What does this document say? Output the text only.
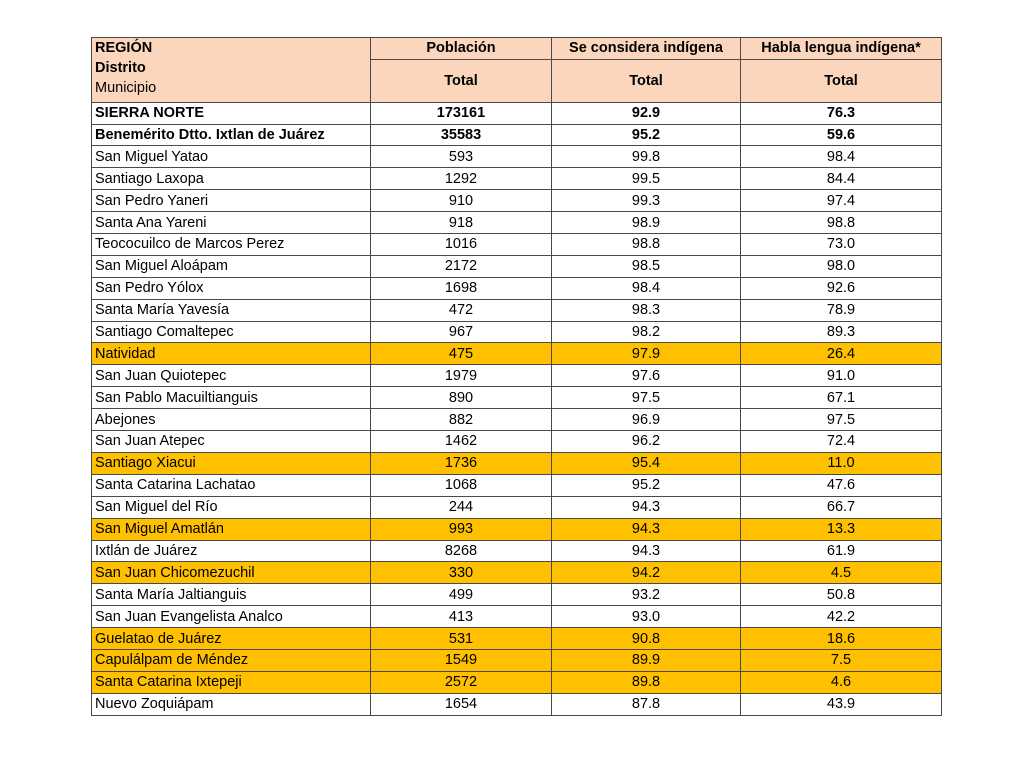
REGIÓN
Distrito
Municipio	Población	Se considera indígena	Habla lengua indígena*
	Total	Total	Total
SIERRA NORTE	173161	92.9	76.3
Benemérito Dtto. Ixtlan de Juárez	35583	95.2	59.6
San Miguel Yatao	593	99.8	98.4
Santiago Laxopa	1292	99.5	84.4
San Pedro Yaneri	910	99.3	97.4
Santa Ana Yareni	918	98.9	98.8
Teococuilco de Marcos Perez	1016	98.8	73.0
San Miguel Aloápam	2172	98.5	98.0
San Pedro Yólox	1698	98.4	92.6
Santa María Yavesía	472	98.3	78.9
Santiago Comaltepec	967	98.2	89.3
Natividad	475	97.9	26.4
San Juan Quiotepec	1979	97.6	91.0
San Pablo Macuiltianguis	890	97.5	67.1
Abejones	882	96.9	97.5
San Juan Atepec	1462	96.2	72.4
Santiago Xiacui	1736	95.4	11.0
Santa Catarina Lachatao	1068	95.2	47.6
San Miguel del Río	244	94.3	66.7
San Miguel Amatlán	993	94.3	13.3
Ixtlán de Juárez	8268	94.3	61.9
San Juan Chicomezuchil	330	94.2	4.5
Santa María Jaltianguis	499	93.2	50.8
San Juan Evangelista Analco	413	93.0	42.2
Guelatao de Juárez	531	90.8	18.6
Capulálpam de Méndez	1549	89.9	7.5
Santa Catarina Ixtepeji	2572	89.8	4.6
Nuevo Zoquiápam	1654	87.8	43.9
